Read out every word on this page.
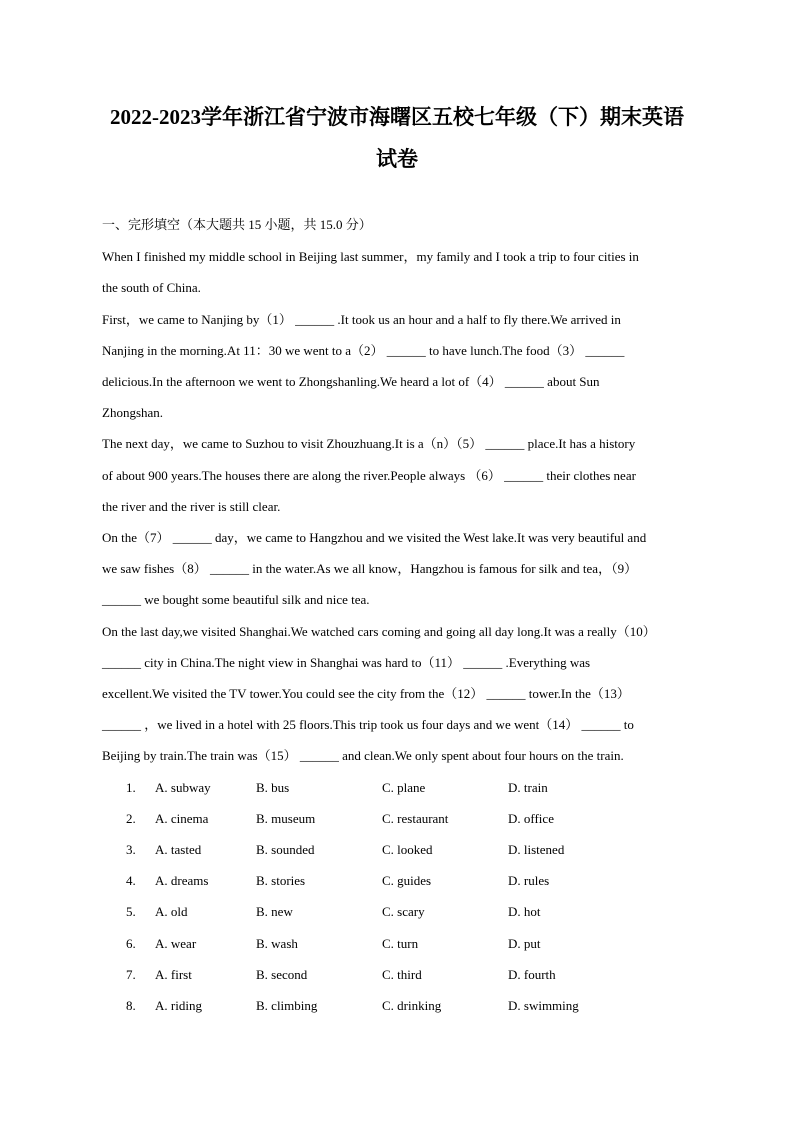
2022-2023学年浙江省宁波市海曙区五校七年级（下）期末英语
试卷
一、完形填空（本大题共 15 小题，共 15.0 分）
When I finished my middle school in Beijing last summer，my family and I took a trip to four cities in
the south of China.
First，we came to Nanjing by（1） ______ .It took us an hour and a half to fly there.We arrived in
Nanjing in the morning.At 11：30 we went to a（2） ______ to have lunch.The food（3） ______
delicious.In the afternoon we went to Zhongshanling.We heard a lot of（4） ______ about Sun
Zhongshan.
The next day，we came to Suzhou to visit Zhouzhuang.It is a（n）（5） ______ place.It has a history
of about 900 years.The houses there are along the river.People always （6） ______ their clothes near
the river and the river is still clear.
On the（7） ______ day，we came to Hangzhou and we visited the West lake.It was very beautiful and
we saw fishes（8） ______ in the water.As we all know，Hangzhou is famous for silk and tea，（9）
______ we bought some beautiful silk and nice tea.
On the last day,we visited Shanghai.We watched cars coming and going all day long.It was a really（10）
______ city in China.The night view in Shanghai was hard to（11） ______ .Everything was
excellent.We visited the TV tower.You could see the city from the（12） ______ tower.In the（13）
______ ，we lived in a hotel with 25 floors.This trip took us four days and we went（14） ______ to
Beijing by train.The train was（15） ______ and clean.We only spent about four hours on the train.
1. A. subway	B. bus	C. plane	D. train
2. A. cinema	B. museum	C. restaurant	D. office
3. A. tasted	B. sounded	C. looked	D. listened
4. A. dreams	B. stories	C. guides	D. rules
5. A. old	B. new	C. scary	D. hot
6. A. wear	B. wash	C. turn	D. put
7. A. first	B. second	C. third	D. fourth
8. A. riding	B. climbing	C. drinking	D. swimming
